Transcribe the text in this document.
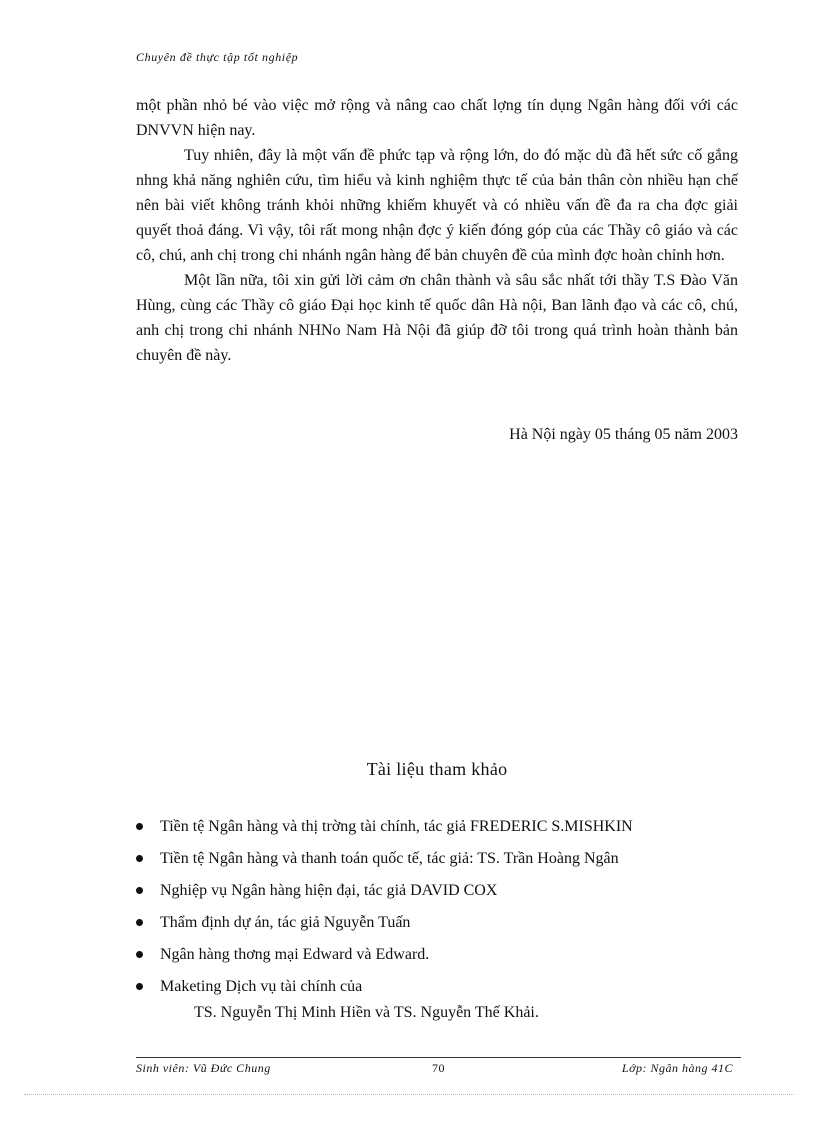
Chuyên đề thực tập tốt nghiệp

một phần nhỏ bé vào việc mở rộng và nâng cao chất lợng tín dụng Ngân hàng đối với các DNVVN hiện nay.

Tuy nhiên, đây là một vấn đề phức tạp và rộng lớn, do đó mặc dù đã hết sức cố gắng nhng khả năng nghiên cứu, tìm hiểu và kinh nghiệm thực tế của bản thân còn nhiều hạn chế nên bài viết không tránh khỏi những khiếm khuyết và có nhiều vấn đề đa ra cha đợc giải quyết thoả đáng. Vì vậy, tôi rất mong nhận đợc ý kiến đóng góp của các Thầy cô giáo và các cô, chú, anh chị trong chi nhánh ngân hàng để bản chuyên đề của mình đợc hoàn chỉnh hơn.

Một lần nữa, tôi xin gửi lời cảm ơn chân thành và sâu sắc nhất tới thầy T.S Đào Văn Hùng, cùng các Thầy cô giáo Đại học kinh tế quốc dân Hà nội, Ban lãnh đạo và các cô, chú, anh chị trong chi nhánh NHNo Nam Hà Nội đã giúp đỡ tôi trong quá trình hoàn thành bản chuyên đề này.

Hà Nội ngày 05 tháng 05 năm 2003
Tài liệu tham khảo
Tiền tệ Ngân hàng và thị trờng tài chính, tác giả FREDERIC S.MISHKIN
Tiền tệ Ngân hàng và thanh toán quốc tế, tác giả: TS. Trần Hoàng Ngân
Nghiệp vụ Ngân hàng hiện đại, tác giả DAVID COX
Thẩm định dự án, tác giả Nguyễn Tuấn
Ngân hàng thơng mại Edward và Edward.
Maketing Dịch vụ tài chính của
TS. Nguyễn Thị Minh Hiền và TS. Nguyễn Thế Khải.
Sinh viên: Vũ Đức Chung	70	Lớp: Ngân hàng 41C
